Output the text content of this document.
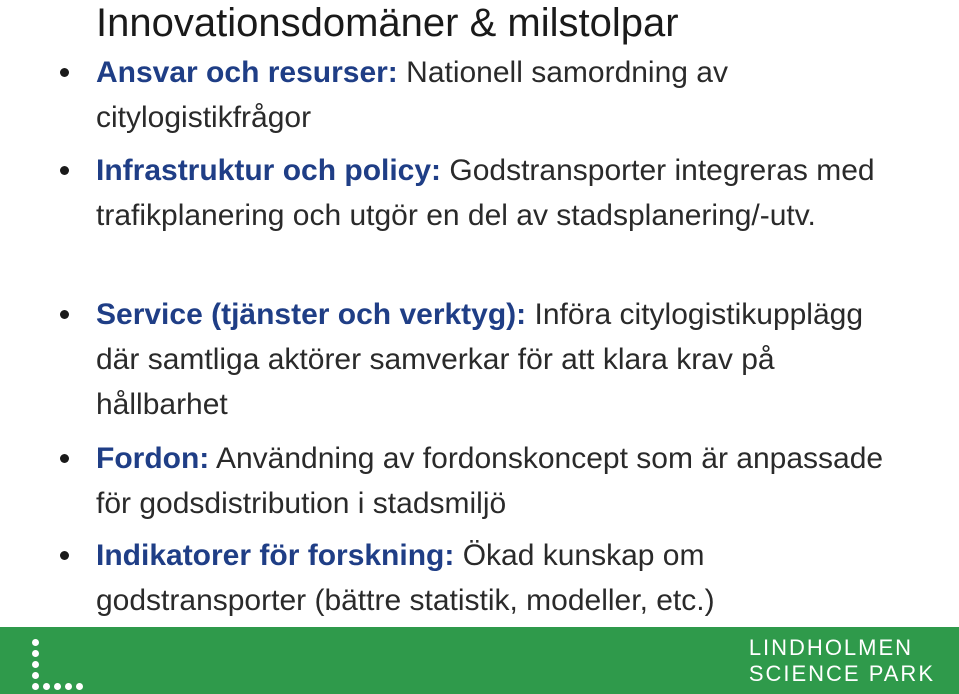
Innovationsdomäner & milstolpar
Ansvar och resurser: Nationell samordning av citylogistikfrågor
Infrastruktur och policy: Godstransporter integreras med trafikplanering och utgör en del av stadsplanering/-utv.
Service (tjänster och verktyg): Införa citylogistikupplägg där samtliga aktörer samverkar för att klara krav på hållbarhet
Fordon: Användning av fordonskoncept som är anpassade för godsdistribution i stadsmiljö
Indikatorer för forskning: Ökad kunskap om godstransporter (bättre statistik, modeller, etc.)
LINDHOLMEN
SCIENCE PARK
